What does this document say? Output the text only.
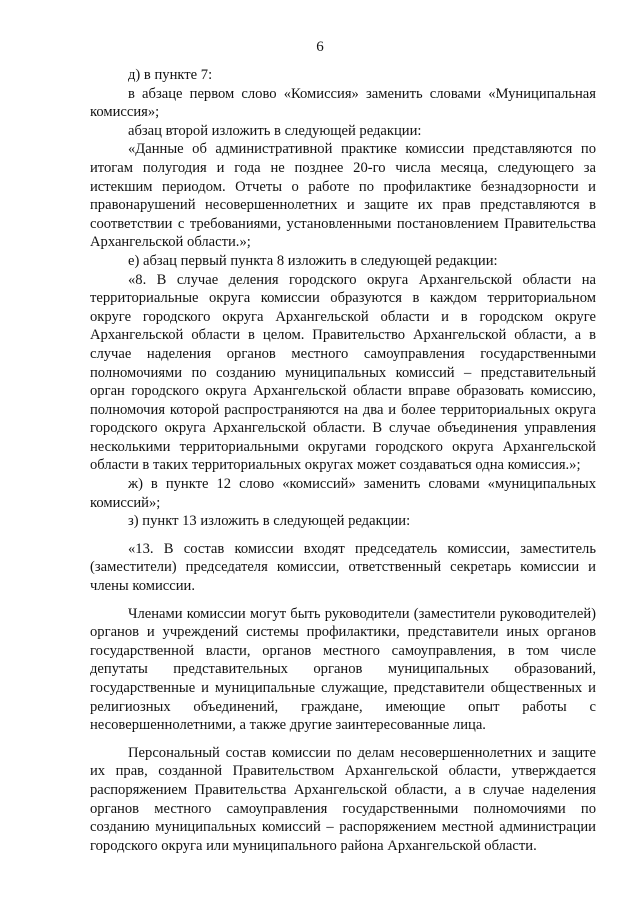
6

д) в пункте 7:

в абзаце первом слово «Комиссия» заменить словами «Муниципальная комиссия»;

абзац второй изложить в следующей редакции:

«Данные об административной практике комиссии представляются по итогам полугодия и года не позднее 20-го числа месяца, следующего за истекшим периодом. Отчеты о работе по профилактике безнадзорности и правонарушений несовершеннолетних и защите их прав представляются в соответствии с требованиями, установленными постановлением Правительства Архангельской области.»;

е) абзац первый пункта 8 изложить в следующей редакции:

«8. В случае деления городского округа Архангельской области на территориальные округа комиссии образуются в каждом территориальном округе городского округа Архангельской области и в городском округе Архангельской области в целом. Правительство Архангельской области, а в случае наделения органов местного самоуправления государственными полномочиями по созданию муниципальных комиссий – представительный орган городского округа Архангельской области вправе образовать комиссию, полномочия которой распространяются на два и более территориальных округа городского округа Архангельской области. В случае объединения управления несколькими территориальными округами городского округа Архангельской области в таких территориальных округах может создаваться одна комиссия.»;

ж) в пункте 12 слово «комиссий» заменить словами «муниципальных комиссий»;

з) пункт 13 изложить в следующей редакции:

«13. В состав комиссии входят председатель комиссии, заместитель (заместители) председателя комиссии, ответственный секретарь комиссии и члены комиссии.

Членами комиссии могут быть руководители (заместители руководителей) органов и учреждений системы профилактики, представители иных органов государственной власти, органов местного самоуправления, в том числе депутаты представительных органов муниципальных образований, государственные и муниципальные служащие, представители общественных и религиозных объединений, граждане, имеющие опыт работы с несовершеннолетними, а также другие заинтересованные лица.

Персональный состав комиссии по делам несовершеннолетних и защите их прав, созданной Правительством Архангельской области, утверждается распоряжением Правительства Архангельской области, а в случае наделения органов местного самоуправления государственными полномочиями по созданию муниципальных комиссий – распоряжением местной администрации городского округа или муниципального района Архангельской области.
